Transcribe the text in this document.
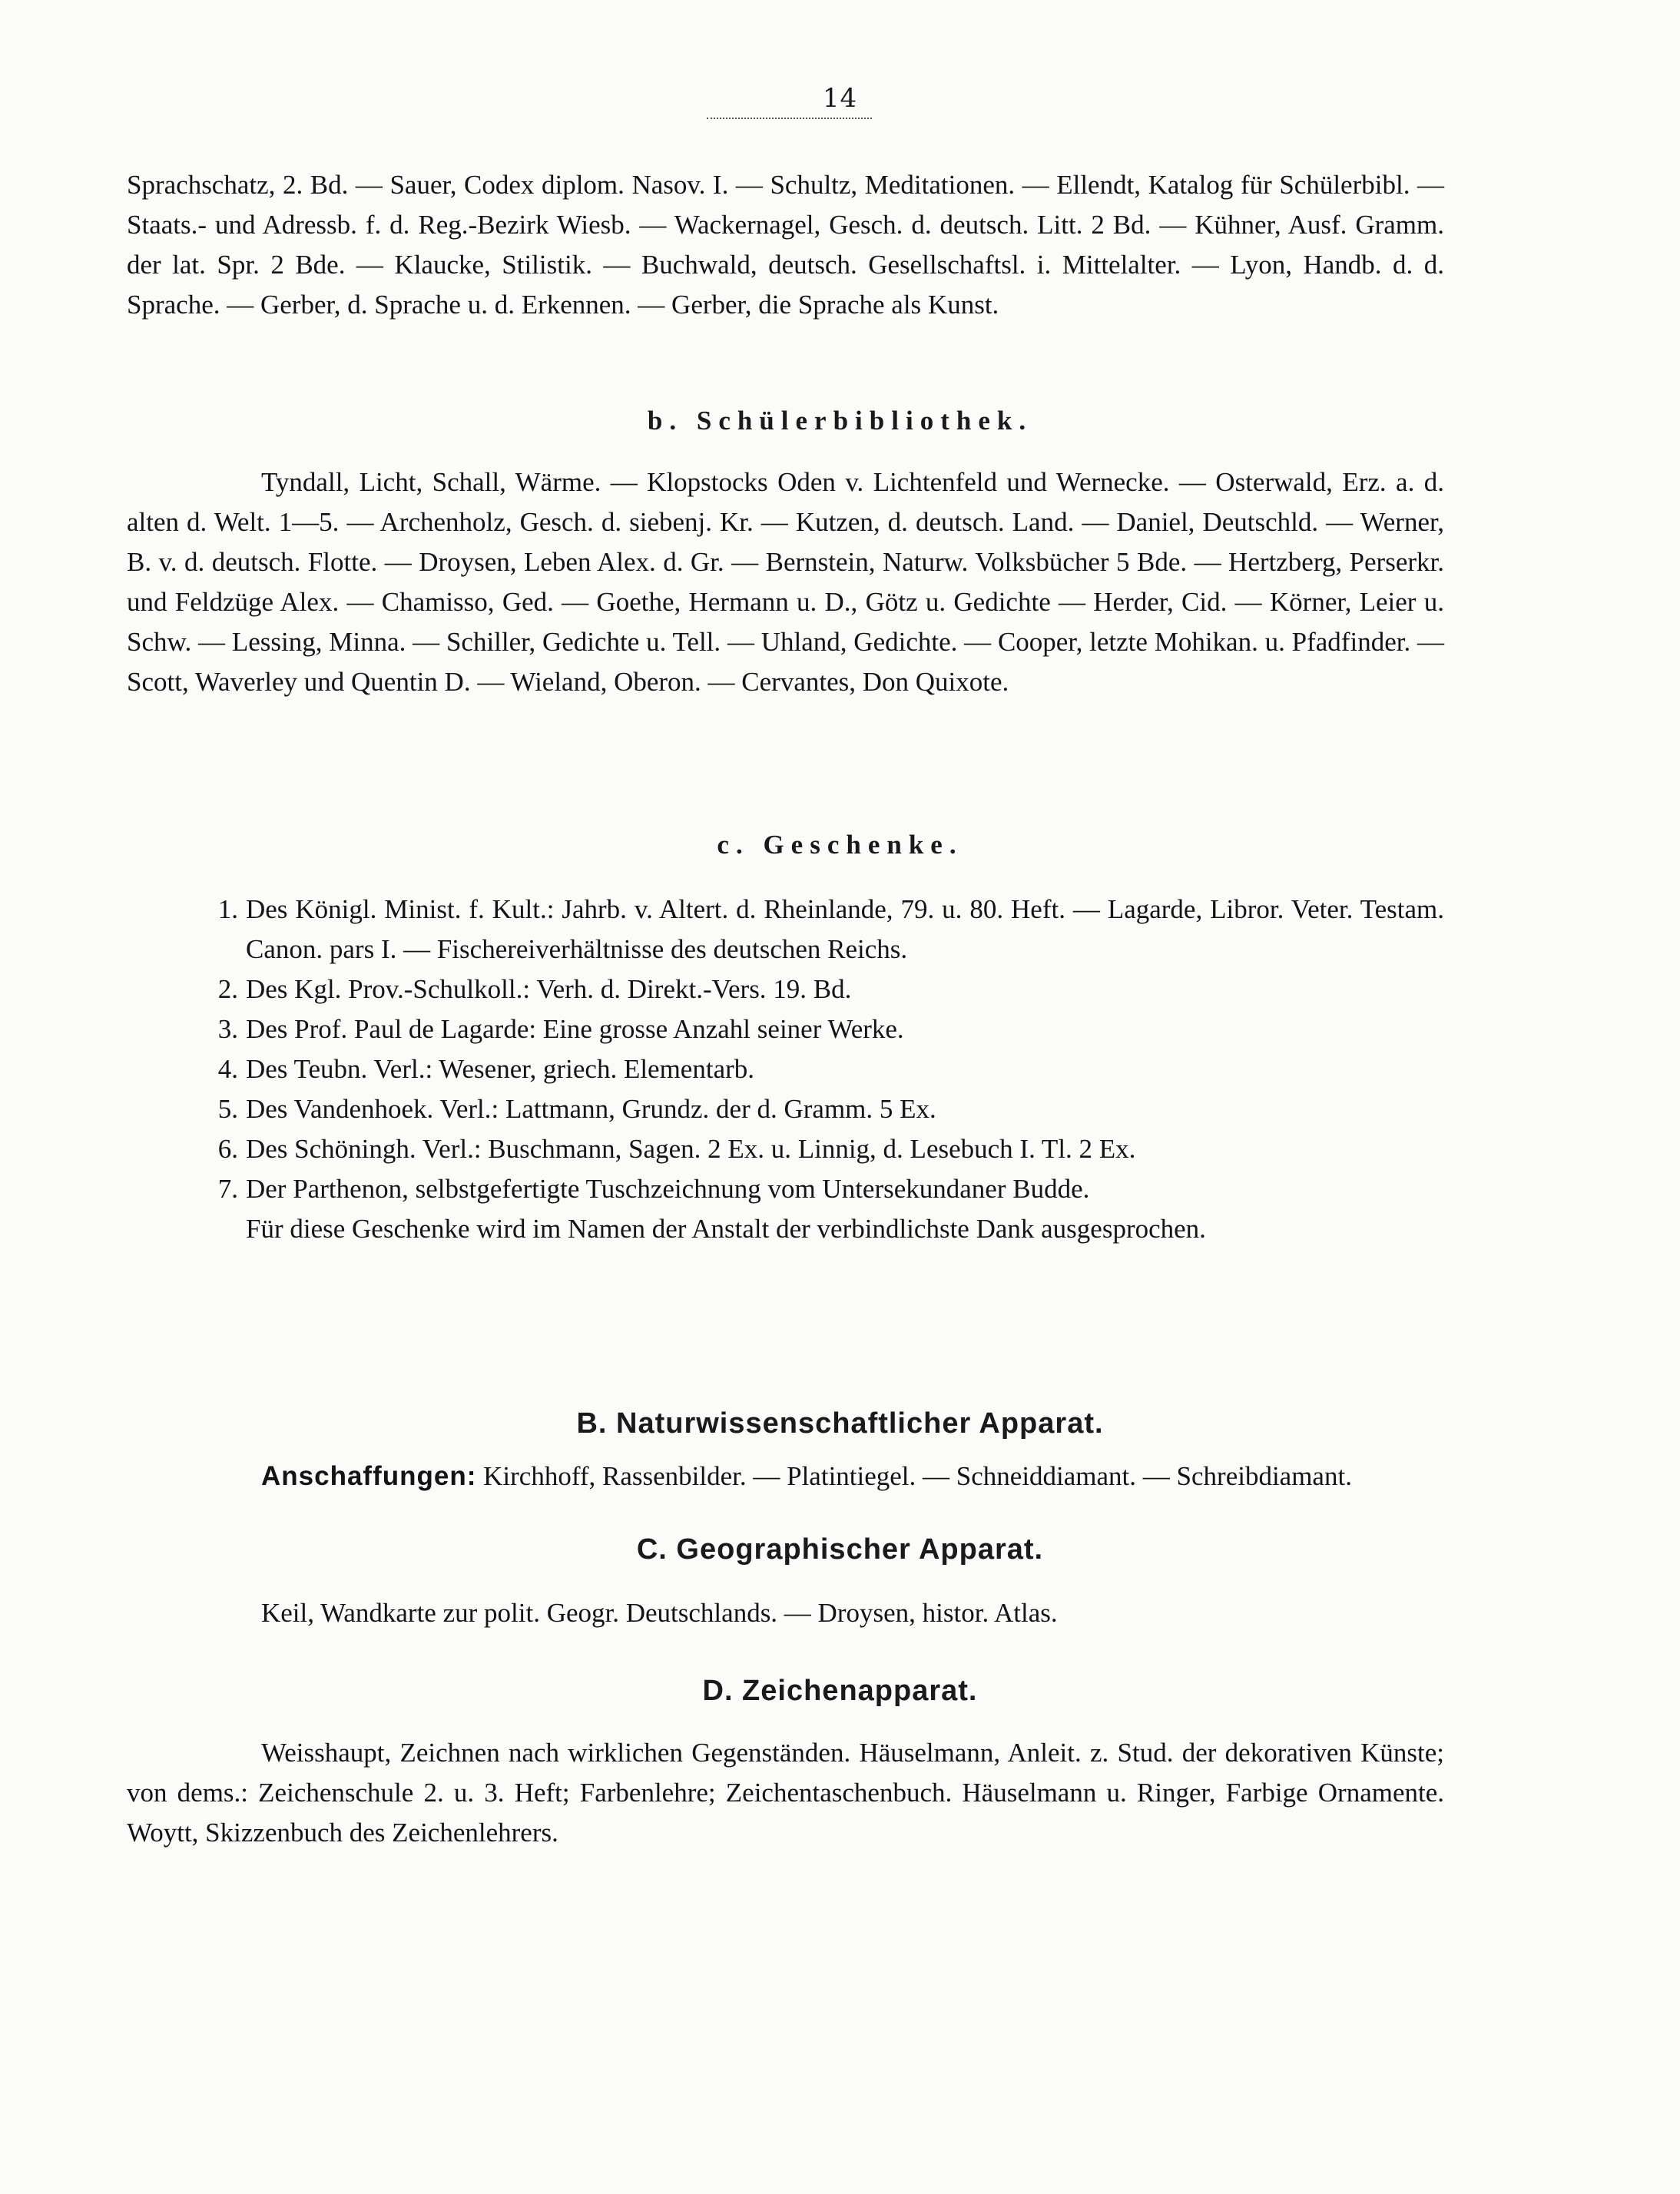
14
Sprachschatz, 2. Bd. — Sauer, Codex diplom. Nasov. I. — Schultz, Meditationen. — Ellendt, Katalog für Schülerbibl. — Staats.- und Adressb. f. d. Reg.-Bezirk Wiesb. — Wackernagel, Gesch. d. deutsch. Litt. 2 Bd. — Kühner, Ausf. Gramm. der lat. Spr. 2 Bde. — Klaucke, Stilistik. — Buchwald, deutsch. Gesellschaftsl. i. Mittelalter. — Lyon, Handb. d. d. Sprache. — Gerber, d. Sprache u. d. Erkennen. — Gerber, die Sprache als Kunst.
b. Schülerbibliothek.
Tyndall, Licht, Schall, Wärme. — Klopstocks Oden v. Lichtenfeld und Wernecke. — Osterwald, Erz. a. d. alten d. Welt. 1—5. — Archenholz, Gesch. d. siebenj. Kr. — Kutzen, d. deutsch. Land. — Daniel, Deutschld. — Werner, B. v. d. deutsch. Flotte. — Droysen, Leben Alex. d. Gr. — Bernstein, Naturw. Volksbücher 5 Bde. — Hertzberg, Perserkr. und Feldzüge Alex. — Chamisso, Ged. — Goethe, Hermann u. D., Götz u. Gedichte — Herder, Cid. — Körner, Leier u. Schw. — Lessing, Minna. — Schiller, Gedichte u. Tell. — Uhland, Gedichte. — Cooper, letzte Mohikan. u. Pfadfinder. — Scott, Waverley und Quentin D. — Wieland, Oberon. — Cervantes, Don Quixote.
c. Geschenke.
1. Des Königl. Minist. f. Kult.: Jahrb. v. Altert. d. Rheinlande, 79. u. 80. Heft. — Lagarde, Libror. Veter. Testam. Canon. pars I. — Fischereiverhältnisse des deutschen Reichs.
2. Des Kgl. Prov.-Schulkoll.: Verh. d. Direkt.-Vers. 19. Bd.
3. Des Prof. Paul de Lagarde: Eine grosse Anzahl seiner Werke.
4. Des Teubn. Verl.: Wesener, griech. Elementarb.
5. Des Vandenhoek. Verl.: Lattmann, Grundz. der d. Gramm. 5 Ex.
6. Des Schöningh. Verl.: Buschmann, Sagen. 2 Ex. u. Linnig, d. Lesebuch I. Tl. 2 Ex.
7. Der Parthenon, selbstgefertigte Tuschzeichnung vom Untersekundaner Budde.
Für diese Geschenke wird im Namen der Anstalt der verbindlichste Dank ausgesprochen.
B. Naturwissenschaftlicher Apparat.
Anschaffungen: Kirchhoff, Rassenbilder. — Platintiegel. — Schneiddiamant. — Schreibdiamant.
C. Geographischer Apparat.
Keil, Wandkarte zur polit. Geogr. Deutschlands. — Droysen, histor. Atlas.
D. Zeichenapparat.
Weisshaupt, Zeichnen nach wirklichen Gegenständen. Häuselmann, Anleit. z. Stud. der dekorativen Künste; von dems.: Zeichenschule 2. u. 3. Heft; Farbenlehre; Zeichentaschenbuch. Häuselmann u. Ringer, Farbige Ornamente. Woytt, Skizzenbuch des Zeichenlehrers.
